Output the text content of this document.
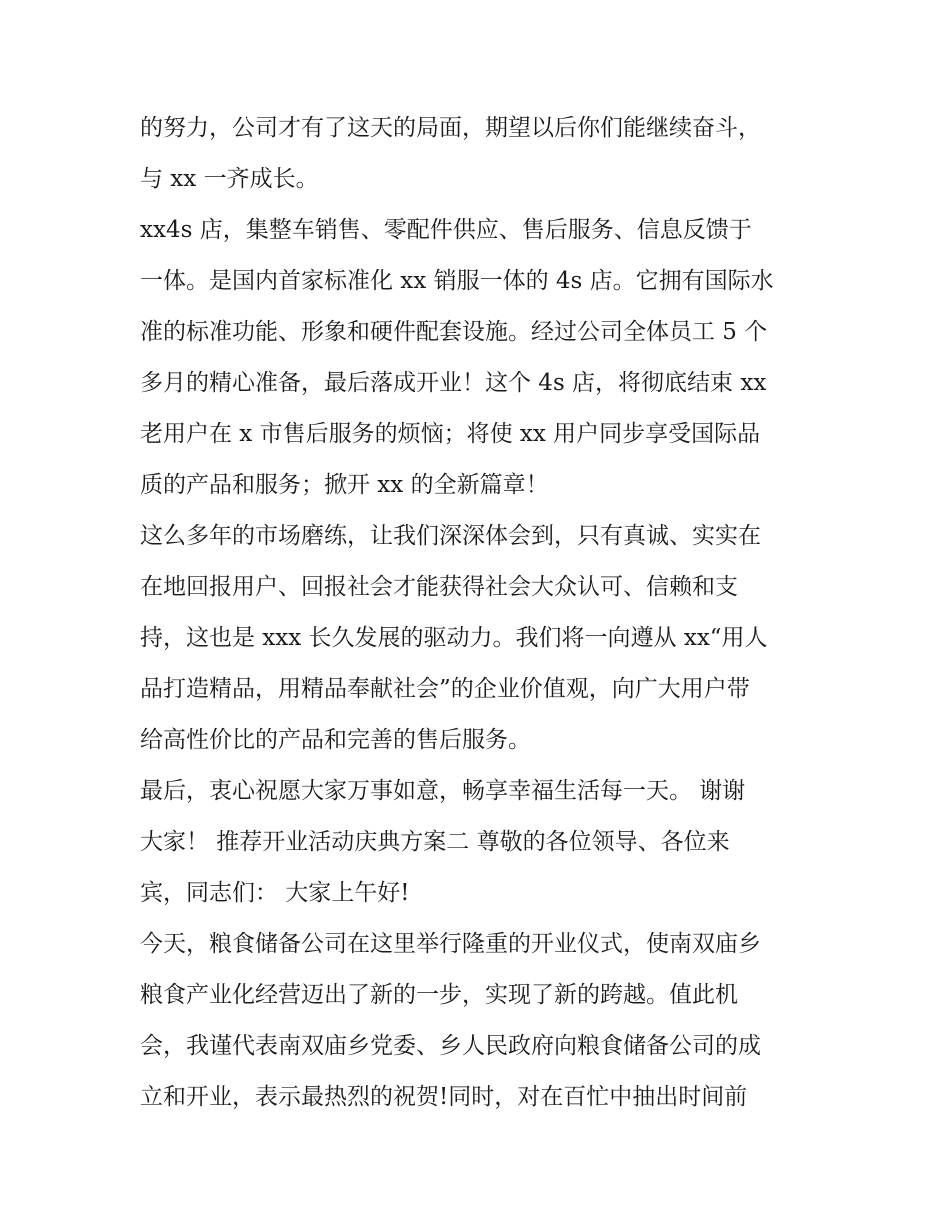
的努力，公司才有了这天的局面，期望以后你们能继续奋斗，
与 xx 一齐成长。
xx4s 店，集整车销售、零配件供应、售后服务、信息反馈于
一体。是国内首家标准化 xx 销服一体的 4s 店。它拥有国际水
准的标准功能、形象和硬件配套设施。经过公司全体员工 5 个
多月的精心准备，最后落成开业！这个 4s 店，将彻底结束 xx
老用户在 x 市售后服务的烦恼；将使 xx 用户同步享受国际品
质的产品和服务；掀开 xx 的全新篇章！
这么多年的市场磨练，让我们深深体会到，只有真诚、实实在
在地回报用户、回报社会才能获得社会大众认可、信赖和支
持，这也是 xxx 长久发展的驱动力。我们将一向遵从 xx“用人
品打造精品，用精品奉献社会”的企业价值观，向广大用户带
给高性价比的产品和完善的售后服务。
最后，衷心祝愿大家万事如意，畅享幸福生活每一天。 谢谢
大家！ 推荐开业活动庆典方案二 尊敬的各位领导、各位来
宾，同志们： 大家上午好!
今天，粮食储备公司在这里举行隆重的开业仪式，使南双庙乡
粮食产业化经营迈出了新的一步，实现了新的跨越。值此机
会，我谨代表南双庙乡党委、乡人民政府向粮食储备公司的成
立和开业，表示最热烈的祝贺!同时，对在百忙中抽出时间前
